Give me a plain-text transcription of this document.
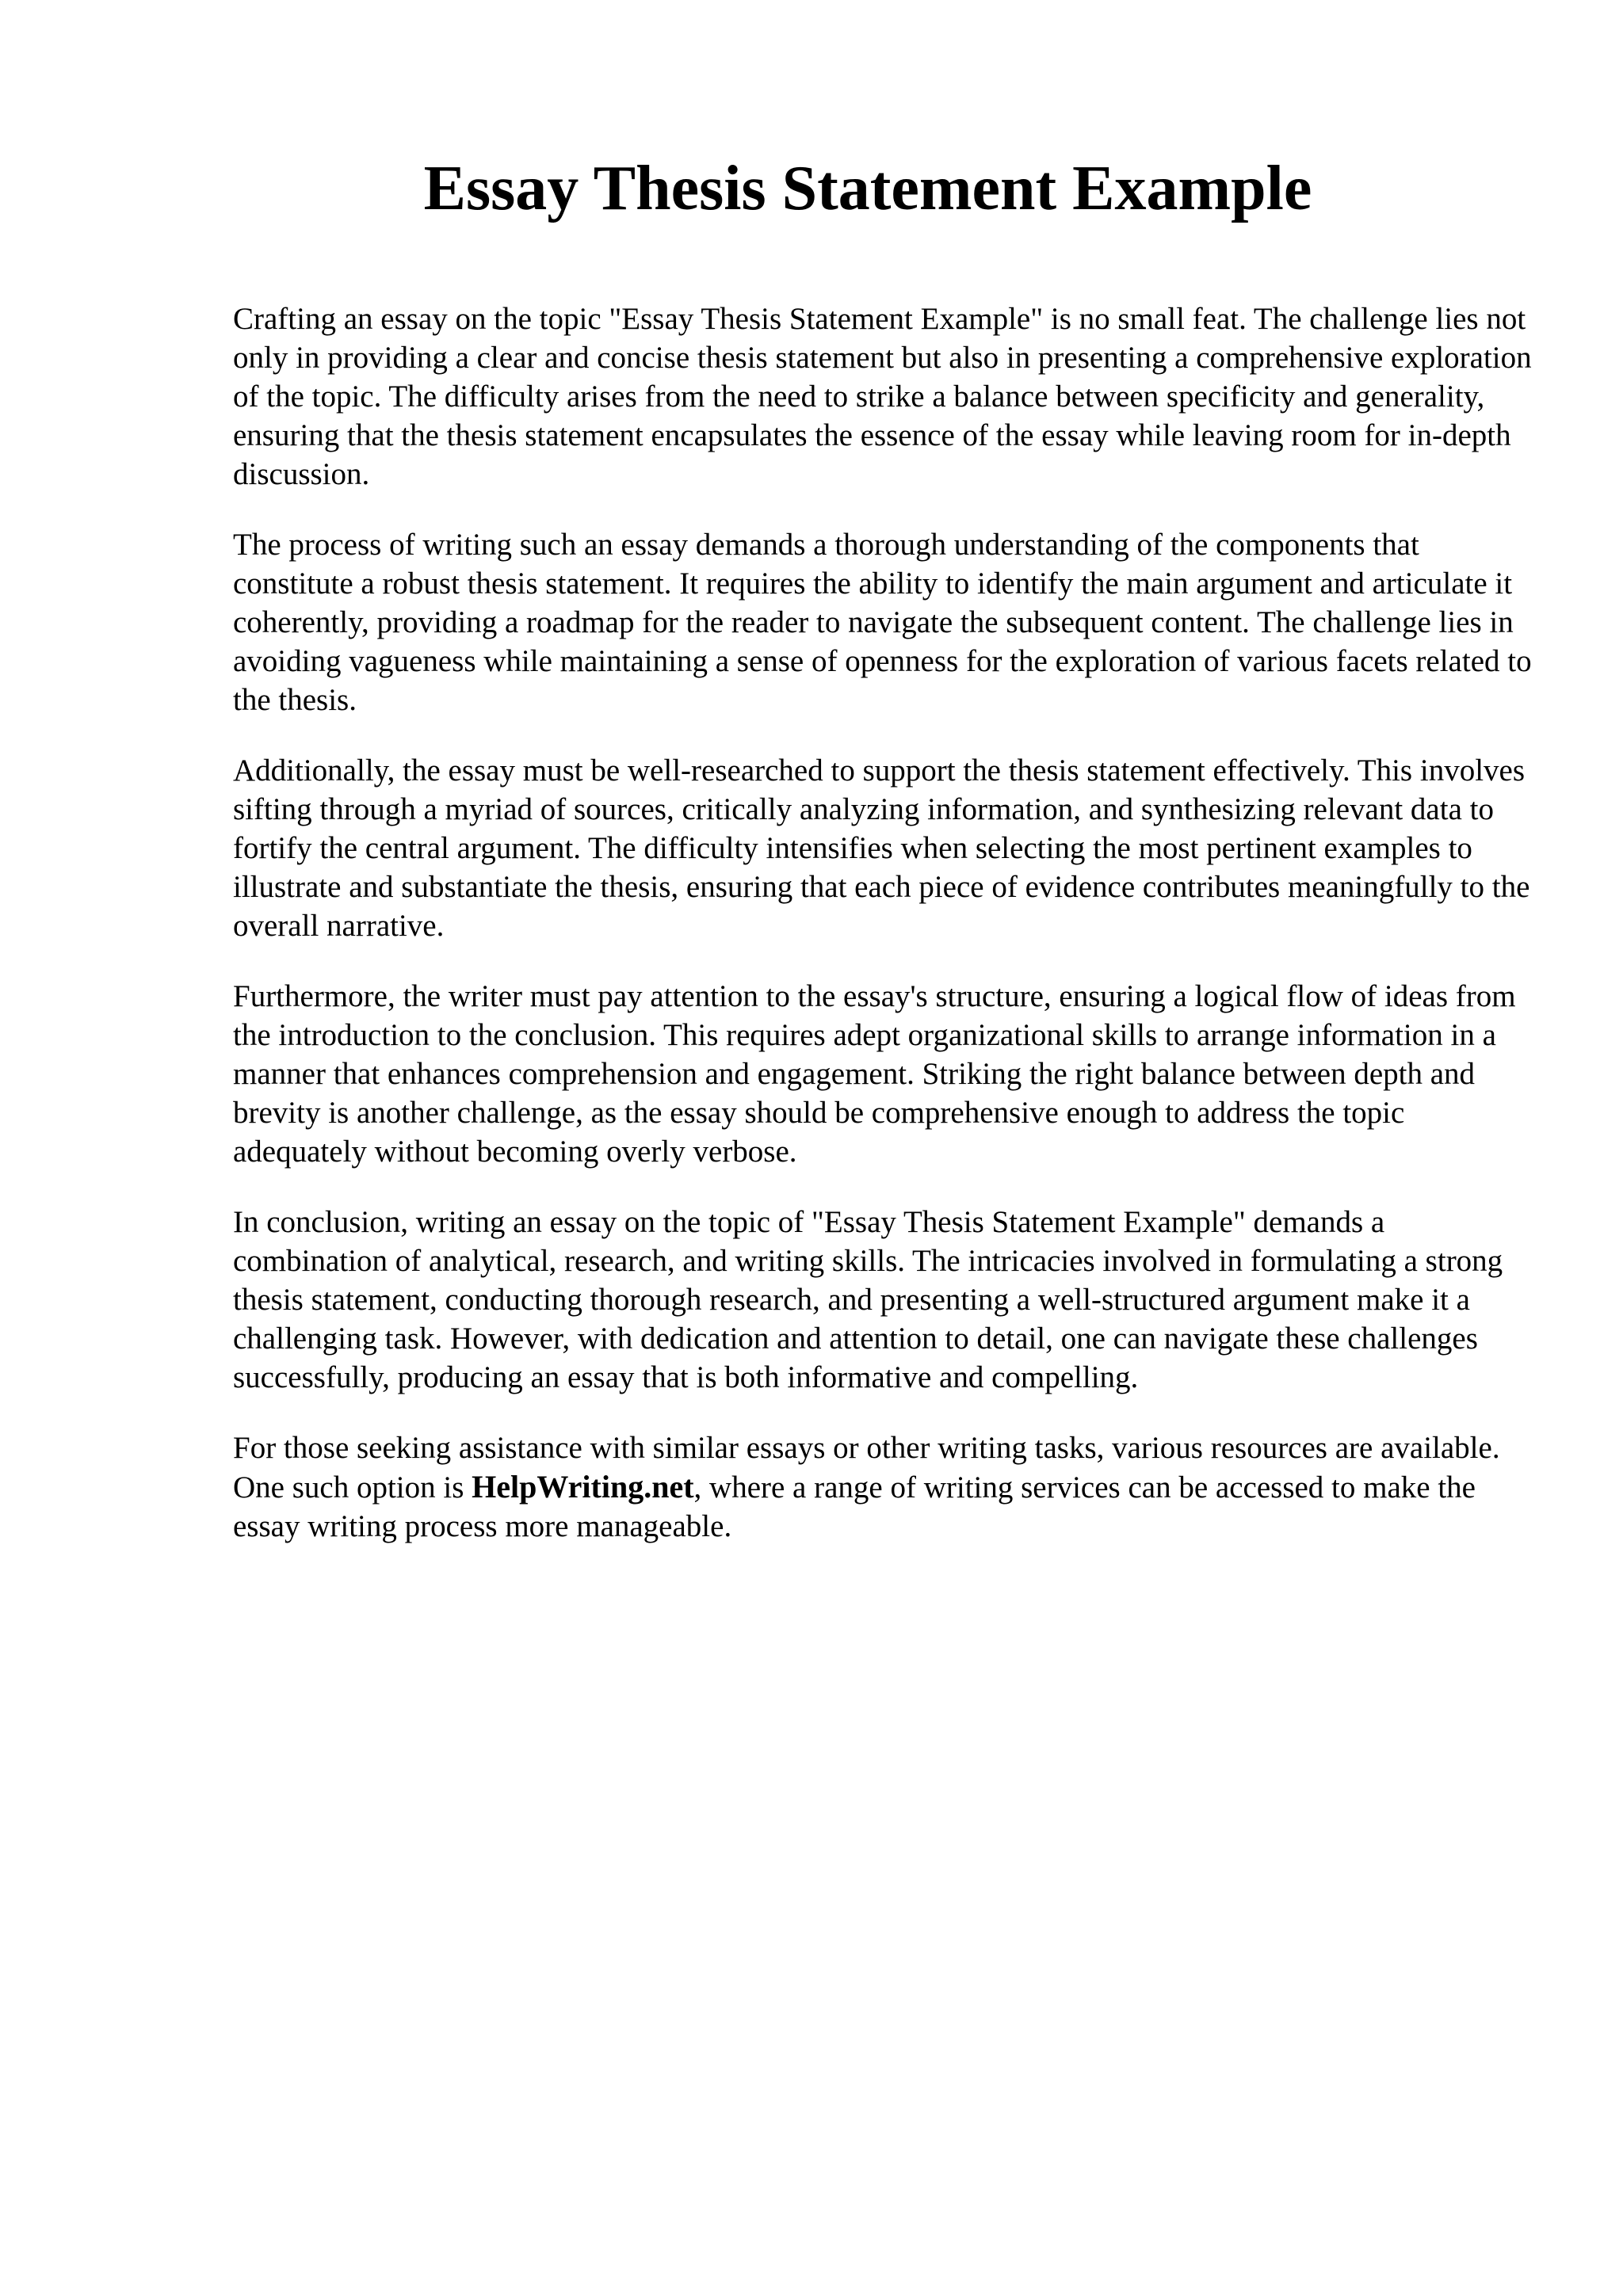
Essay Thesis Statement Example

Crafting an essay on the topic "Essay Thesis Statement Example" is no small feat. The challenge lies not only in providing a clear and concise thesis statement but also in presenting a comprehensive exploration of the topic. The difficulty arises from the need to strike a balance between specificity and generality, ensuring that the thesis statement encapsulates the essence of the essay while leaving room for in-depth discussion.

The process of writing such an essay demands a thorough understanding of the components that constitute a robust thesis statement. It requires the ability to identify the main argument and articulate it coherently, providing a roadmap for the reader to navigate the subsequent content. The challenge lies in avoiding vagueness while maintaining a sense of openness for the exploration of various facets related to the thesis.

Additionally, the essay must be well-researched to support the thesis statement effectively. This involves sifting through a myriad of sources, critically analyzing information, and synthesizing relevant data to fortify the central argument. The difficulty intensifies when selecting the most pertinent examples to illustrate and substantiate the thesis, ensuring that each piece of evidence contributes meaningfully to the overall narrative.

Furthermore, the writer must pay attention to the essay's structure, ensuring a logical flow of ideas from the introduction to the conclusion. This requires adept organizational skills to arrange information in a manner that enhances comprehension and engagement. Striking the right balance between depth and brevity is another challenge, as the essay should be comprehensive enough to address the topic adequately without becoming overly verbose.

In conclusion, writing an essay on the topic of "Essay Thesis Statement Example" demands a combination of analytical, research, and writing skills. The intricacies involved in formulating a strong thesis statement, conducting thorough research, and presenting a well-structured argument make it a challenging task. However, with dedication and attention to detail, one can navigate these challenges successfully, producing an essay that is both informative and compelling.

For those seeking assistance with similar essays or other writing tasks, various resources are available. One such option is HelpWriting.net, where a range of writing services can be accessed to make the essay writing process more manageable.
